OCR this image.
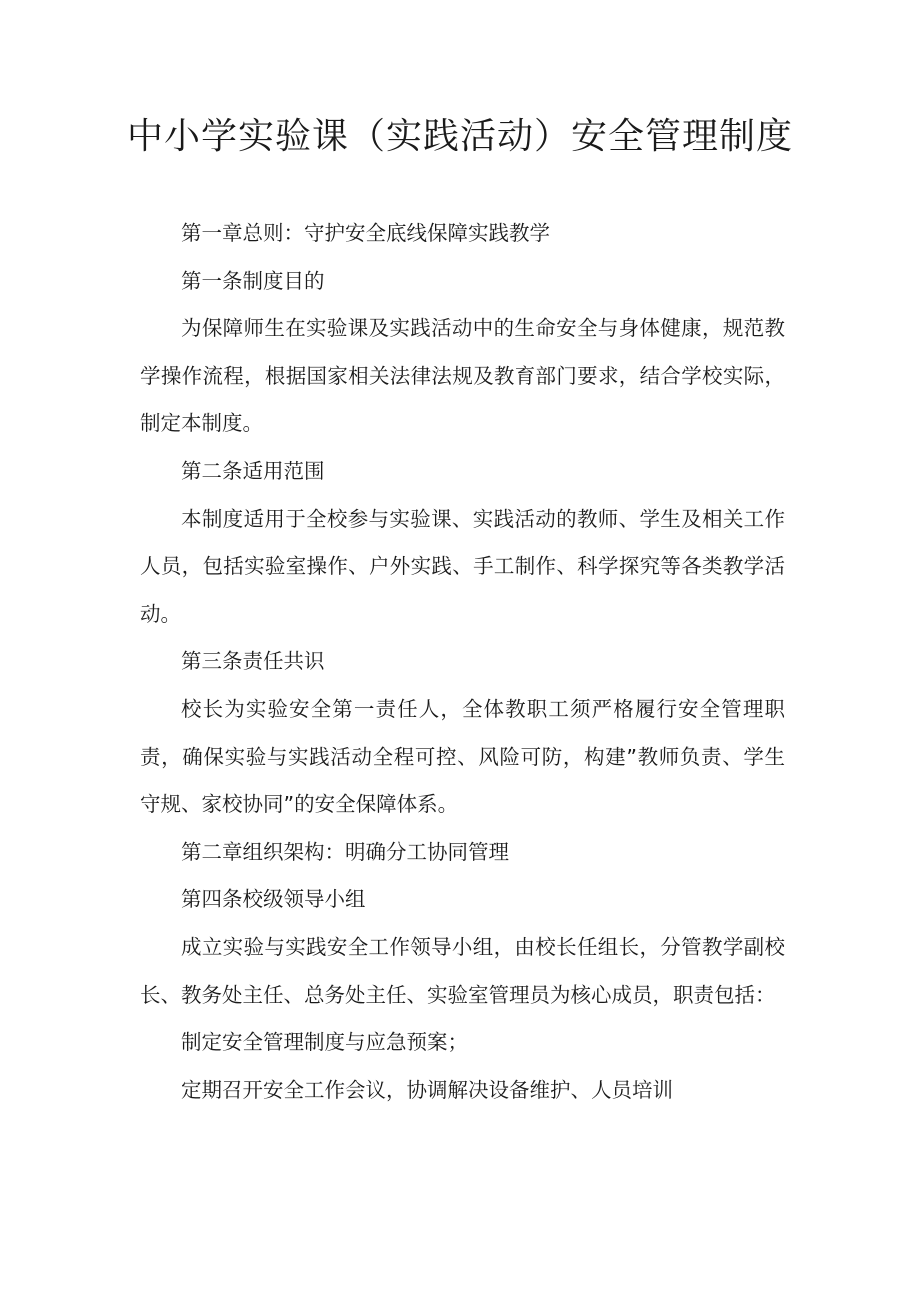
中小学实验课（实践活动）安全管理制度

第一章总则：守护安全底线保障实践教学

第一条制度目的

为保障师生在实验课及实践活动中的生命安全与身体健康，规范教学操作流程，根据国家相关法律法规及教育部门要求，结合学校实际，制定本制度。

第二条适用范围

本制度适用于全校参与实验课、实践活动的教师、学生及相关工作人员，包括实验室操作、户外实践、手工制作、科学探究等各类教学活动。

第三条责任共识

校长为实验安全第一责任人，全体教职工须严格履行安全管理职责，确保实验与实践活动全程可控、风险可防，构建”教师负责、学生守规、家校协同”的安全保障体系。

第二章组织架构：明确分工协同管理

第四条校级领导小组

成立实验与实践安全工作领导小组，由校长任组长，分管教学副校长、教务处主任、总务处主任、实验室管理员为核心成员，职责包括：

制定安全管理制度与应急预案；

定期召开安全工作会议，协调解决设备维护、人员培训
